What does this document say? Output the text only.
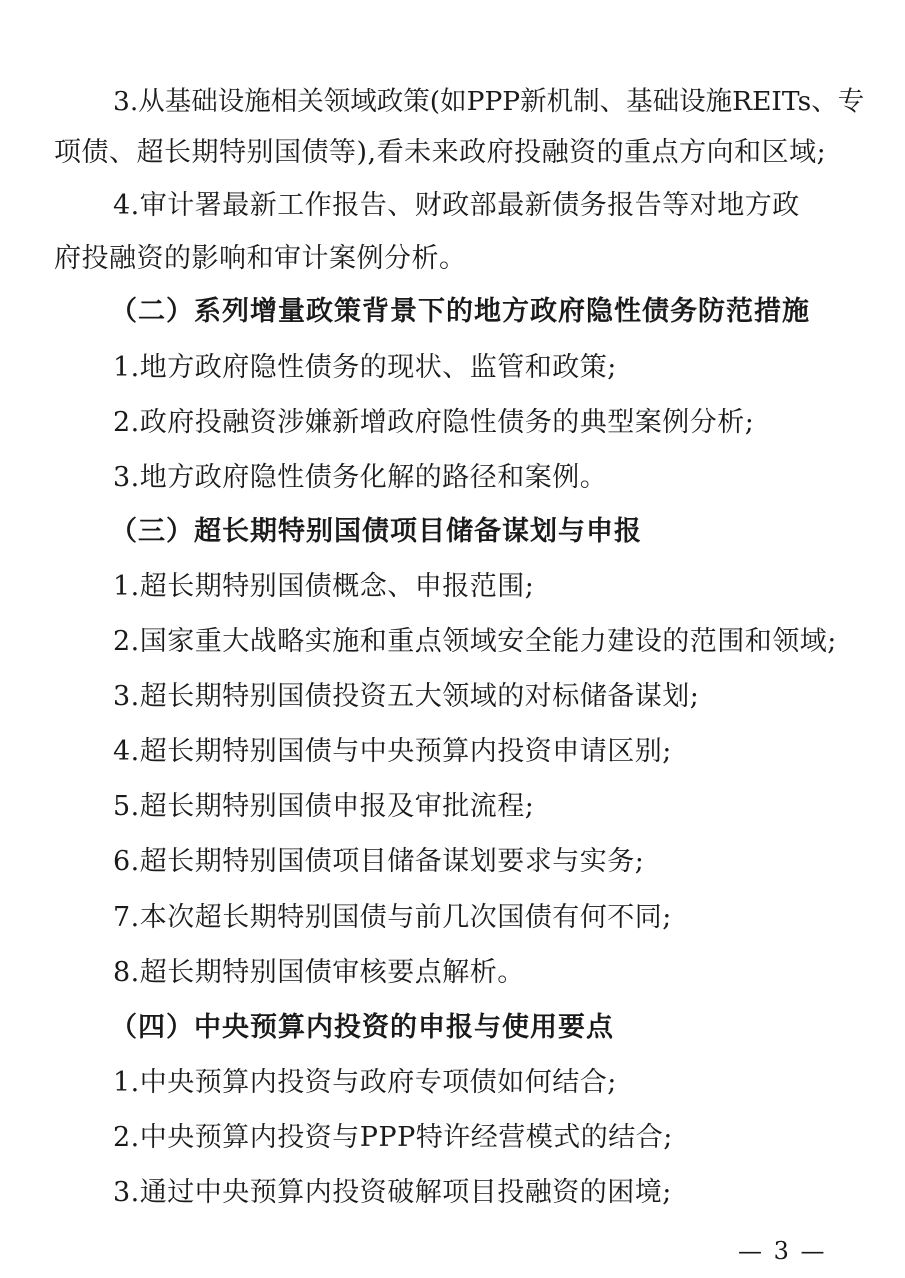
3.从基础设施相关领域政策(如PPP新机制、基础设施REITs、专
项债、超长期特别国债等),看未来政府投融资的重点方向和区域;
4.审计署最新工作报告、财政部最新债务报告等对地方政
府投融资的影响和审计案例分析。
（二）系列增量政策背景下的地方政府隐性债务防范措施
1.地方政府隐性债务的现状、监管和政策;
2.政府投融资涉嫌新增政府隐性债务的典型案例分析;
3.地方政府隐性债务化解的路径和案例。
（三）超长期特别国债项目储备谋划与申报
1.超长期特别国债概念、申报范围;
2.国家重大战略实施和重点领域安全能力建设的范围和领域;
3.超长期特别国债投资五大领域的对标储备谋划;
4.超长期特别国债与中央预算内投资申请区别;
5.超长期特别国债申报及审批流程;
6.超长期特别国债项目储备谋划要求与实务;
7.本次超长期特别国债与前几次国债有何不同;
8.超长期特别国债审核要点解析。
（四）中央预算内投资的申报与使用要点
1.中央预算内投资与政府专项债如何结合;
2.中央预算内投资与PPP特许经营模式的结合;
3.通过中央预算内投资破解项目投融资的困境;
— 3 —
